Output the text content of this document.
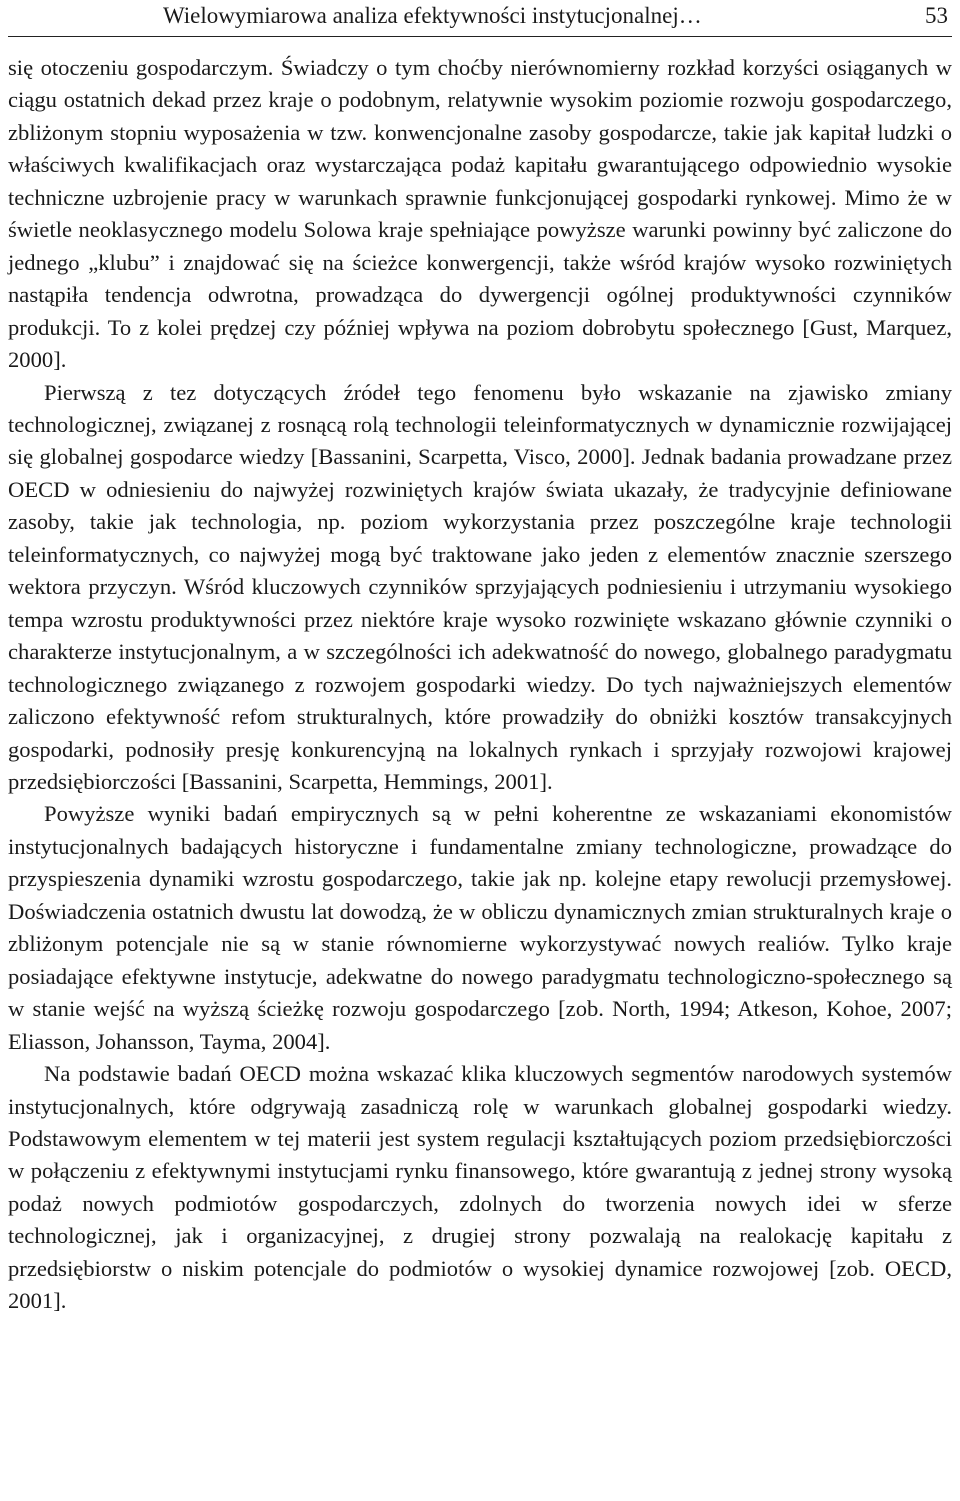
Wielowymiarowa analiza efektywności instytucjonalnej…	53

się otoczeniu gospodarczym. Świadczy o tym choćby nierównomierny rozkład korzyści osiąganych w ciągu ostatnich dekad przez kraje o podobnym, relatywnie wysokim poziomie rozwoju gospodarczego, zbliżonym stopniu wyposażenia w tzw. konwencjonalne zasoby gospodarcze, takie jak kapitał ludzki o właściwych kwalifikacjach oraz wystarczająca podaż kapitału gwarantującego odpowiednio wysokie techniczne uzbrojenie pracy w warunkach sprawnie funkcjonującej gospodarki rynkowej. Mimo że w świetle neoklasycznego modelu Solowa kraje spełniające powyższe warunki powinny być zaliczone do jednego „klubu” i znajdować się na ścieżce konwergencji, także wśród krajów wysoko rozwiniętych nastąpiła tendencja odwrotna, prowadząca do dywergencji ogólnej produktywności czynników produkcji. To z kolei prędzej czy później wpływa na poziom dobrobytu społecznego [Gust, Marquez, 2000].

Pierwszą z tez dotyczących źródeł tego fenomenu było wskazanie na zjawisko zmiany technologicznej, związanej z rosnącą rolą technologii teleinformatycznych w dynamicznie rozwijającej się globalnej gospodarce wiedzy [Bassanini, Scarpetta, Visco, 2000]. Jednak badania prowadzane przez OECD w odniesieniu do najwyżej rozwiniętych krajów świata ukazały, że tradycyjnie definiowane zasoby, takie jak technologia, np. poziom wykorzystania przez poszczególne kraje technologii teleinformatycznych, co najwyżej mogą być traktowane jako jeden z elementów znacznie szerszego wektora przyczyn. Wśród kluczowych czynników sprzyjających podniesieniu i utrzymaniu wysokiego tempa wzrostu produktywności przez niektóre kraje wysoko rozwinięte wskazano głównie czynniki o charakterze instytucjonalnym, a w szczególności ich adekwatność do nowego, globalnego paradygmatu technologicznego związanego z rozwojem gospodarki wiedzy. Do tych najważniejszych elementów zaliczono efektywność refom strukturalnych, które prowadziły do obniżki kosztów transakcyjnych gospodarki, podnosiły presję konkurencyjną na lokalnych rynkach i sprzyjały rozwojowi krajowej przedsiębiorczości [Bassanini, Scarpetta, Hemmings, 2001].

Powyższe wyniki badań empirycznych są w pełni koherentne ze wskazaniami ekonomistów instytucjonalnych badających historyczne i fundamentalne zmiany technologiczne, prowadzące do przyspieszenia dynamiki wzrostu gospodarczego, takie jak np. kolejne etapy rewolucji przemysłowej. Doświadczenia ostatnich dwustu lat dowodzą, że w obliczu dynamicznych zmian strukturalnych kraje o zbliżonym potencjale nie są w stanie równomierne wykorzystywać nowych realiów. Tylko kraje posiadające efektywne instytucje, adekwatne do nowego paradygmatu technologiczno-społecznego są w stanie wejść na wyższą ścieżkę rozwoju gospodarczego [zob. North, 1994; Atkeson, Kohoe, 2007; Eliasson, Johansson, Tayma, 2004].

Na podstawie badań OECD można wskazać klika kluczowych segmentów narodowych systemów instytucjonalnych, które odgrywają zasadniczą rolę w warunkach globalnej gospodarki wiedzy. Podstawowym elementem w tej materii jest system regulacji kształtujących poziom przedsiębiorczości w połączeniu z efektywnymi instytucjami rynku finansowego, które gwarantują z jednej strony wysoką podaż nowych podmiotów gospodarczych, zdolnych do tworzenia nowych idei w sferze technologicznej, jak i organizacyjnej, z drugiej strony pozwalają na realokację kapitału z przedsiębiorstw o niskim potencjale do podmiotów o wysokiej dynamice rozwojowej [zob. OECD, 2001].
